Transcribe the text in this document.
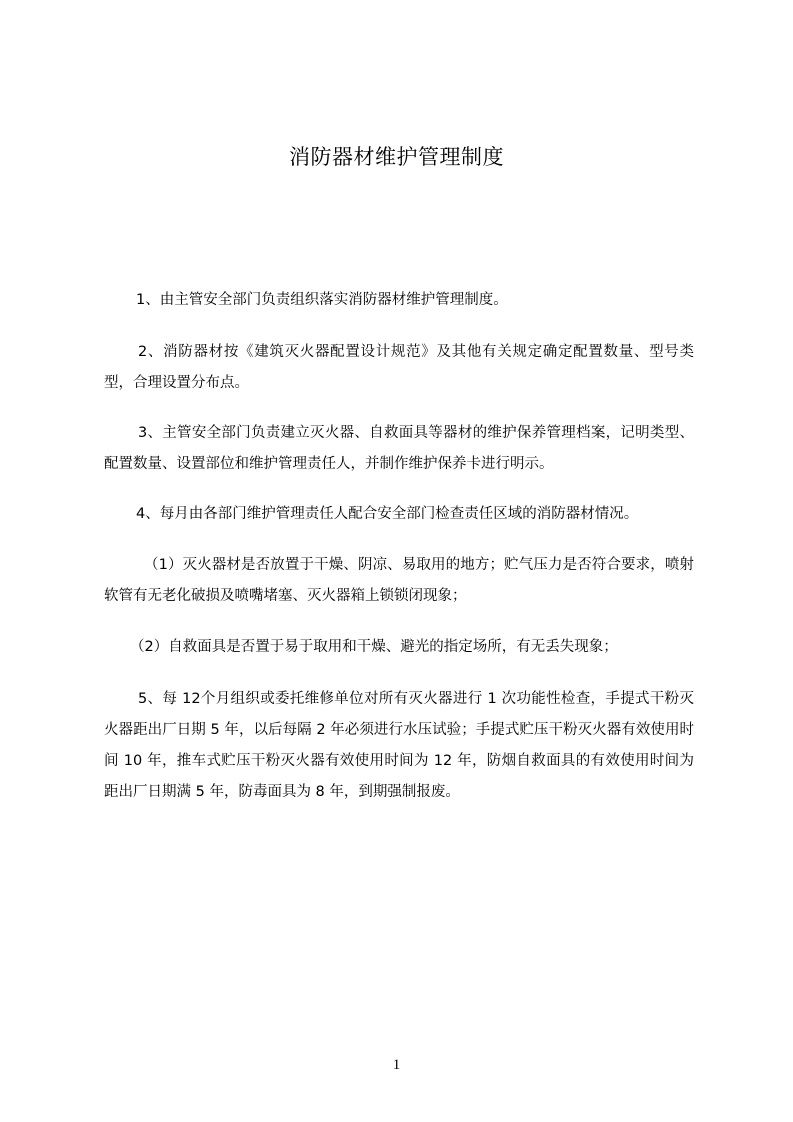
消防器材维护管理制度
1、由主管安全部门负责组织落实消防器材维护管理制度。
2、消防器材按《建筑灭火器配置设计规范》及其他有关规定确定配置数量、型号类型，合理设置分布点。
3、主管安全部门负责建立灭火器、自救面具等器材的维护保养管理档案，记明类型、配置数量、设置部位和维护管理责任人，并制作维护保养卡进行明示。
4、每月由各部门维护管理责任人配合安全部门检查责任区域的消防器材情况。
（1）灭火器材是否放置于干燥、阴凉、易取用的地方；贮气压力是否符合要求，喷射软管有无老化破损及喷嘴堵塞、灭火器箱上锁锁闭现象；
（2）自救面具是否置于易于取用和干燥、避光的指定场所，有无丢失现象；
5、每 12个月组织或委托维修单位对所有灭火器进行 1 次功能性检查，手提式干粉灭火器距出厂日期 5 年，以后每隔 2 年必须进行水压试验；手提式贮压干粉灭火器有效使用时间 10 年，推车式贮压干粉灭火器有效使用时间为 12 年，防烟自救面具的有效使用时间为距出厂日期满 5 年，防毒面具为 8 年，到期强制报废。
1
